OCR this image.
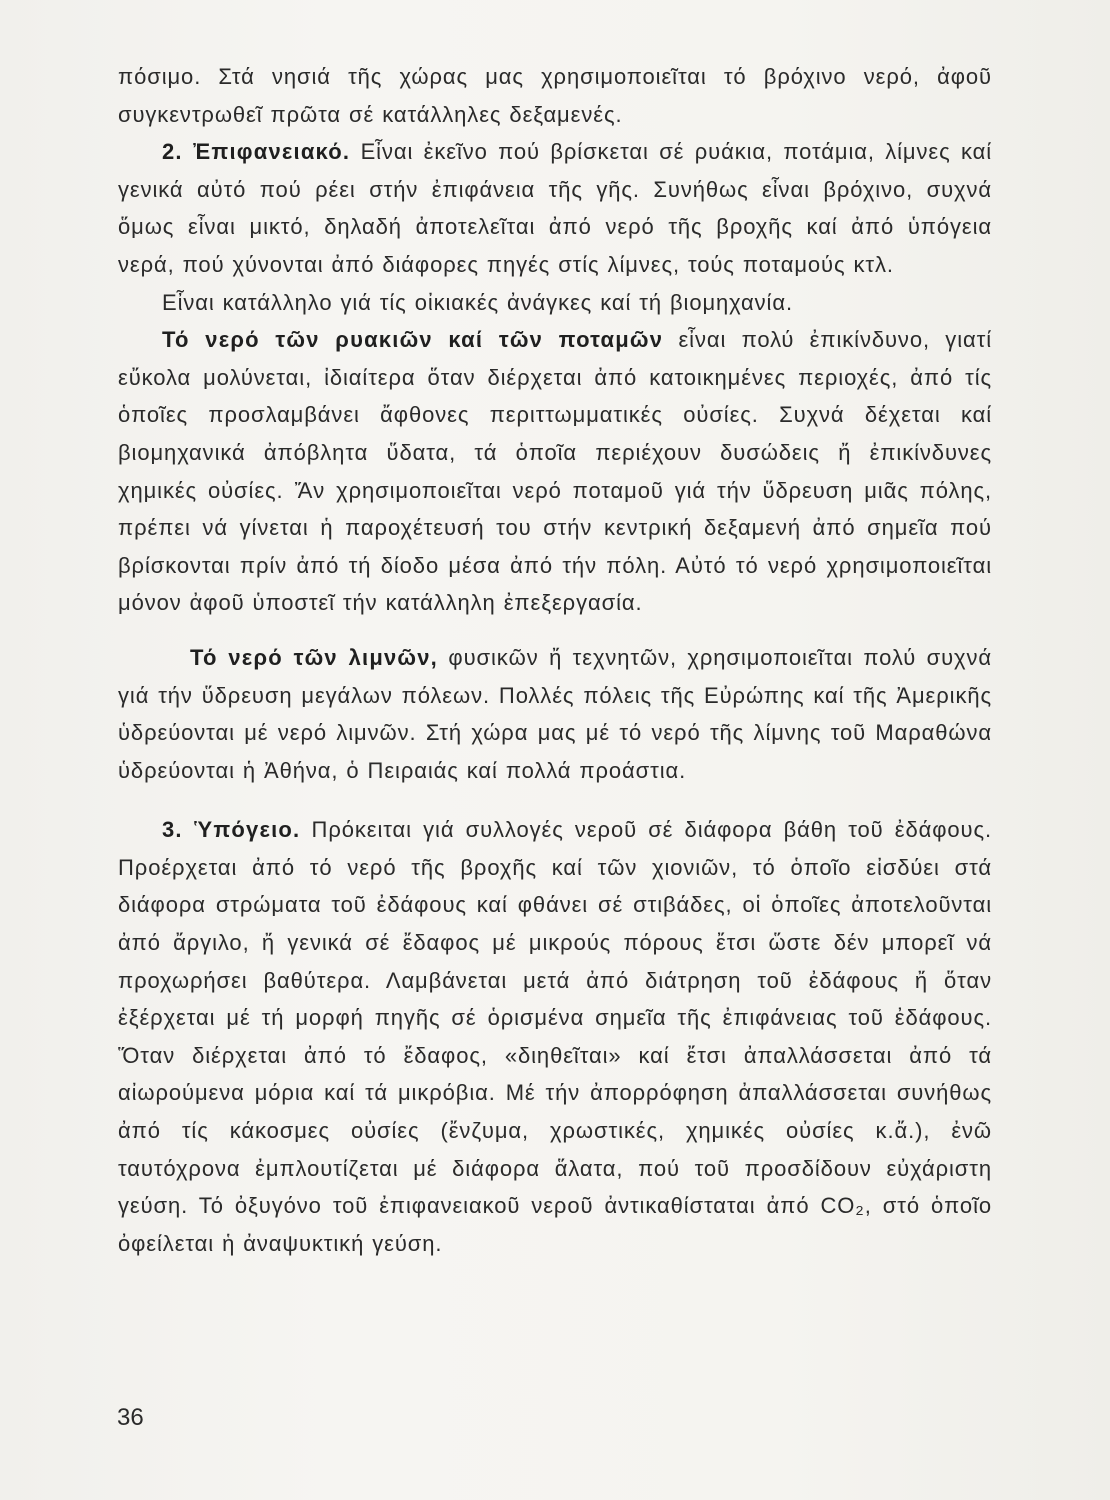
πόσιμο. Στά νησιά τῆς χώρας μας χρησιμοποιεῖται τό βρόχινο νερό, ἀφοῦ συγκεντρωθεῖ πρῶτα σέ κατάλληλες δεξαμενές.

2. Ἐπιφανειακό. Εἶναι ἐκεῖνο πού βρίσκεται σέ ρυάκια, ποτάμια, λίμνες καί γενικά αὐτό πού ρέει στήν ἐπιφάνεια τῆς γῆς. Συνήθως εἶναι βρόχινο, συχνά ὅμως εἶναι μικτό, δηλαδή ἀποτελεῖται ἀπό νερό τῆς βροχῆς καί ἀπό ὑπόγεια νερά, πού χύνονται ἀπό διάφορες πηγές στίς λίμνες, τούς ποταμούς κτλ.

Εἶναι κατάλληλο γιά τίς οἰκιακές ἀνάγκες καί τή βιομηχανία.

Τό νερό τῶν ρυακιῶν καί τῶν ποταμῶν εἶναι πολύ ἐπικίνδυνο, γιατί εὔκολα μολύνεται, ἰδιαίτερα ὅταν διέρχεται ἀπό κατοικημένες περιοχές, ἀπό τίς ὁποῖες προσλαμβάνει ἄφθονες περιττωμματικές οὐσίες. Συχνά δέχεται καί βιομηχανικά ἀπόβλητα ὕδατα, τά ὁποῖα περιέχουν δυσώδεις ἤ ἐπικίνδυνες χημικές οὐσίες. Ἄν χρησιμοποιεῖται νερό ποταμοῦ γιά τήν ὕδρευση μιᾶς πόλης, πρέπει νά γίνεται ἡ παροχέτευσή του στήν κεντρική δεξαμενή ἀπό σημεῖα πού βρίσκονται πρίν ἀπό τή δίοδο μέσα ἀπό τήν πόλη. Αὐτό τό νερό χρησιμοποιεῖται μόνον ἀφοῦ ὑποστεῖ τήν κατάλληλη ἐπεξεργασία.

Τό νερό τῶν λιμνῶν, φυσικῶν ἤ τεχνητῶν, χρησιμοποιεῖται πολύ συχνά γιά τήν ὕδρευση μεγάλων πόλεων. Πολλές πόλεις τῆς Εὐρώπης καί τῆς Ἀμερικῆς ὑδρεύονται μέ νερό λιμνῶν. Στή χώρα μας μέ τό νερό τῆς λίμνης τοῦ Μαραθώνα ὑδρεύονται ἡ Ἀθήνα, ὁ Πειραιάς καί πολλά προάστια.

3. Ὑπόγειο. Πρόκειται γιά συλλογές νεροῦ σέ διάφορα βάθη τοῦ ἐδάφους. Προέρχεται ἀπό τό νερό τῆς βροχῆς καί τῶν χιονιῶν, τό ὁποῖο εἰσδύει στά διάφορα στρώματα τοῦ ἐδάφους καί φθάνει σέ στιβάδες, οἱ ὁποῖες ἀποτελοῦνται ἀπό ἄργιλο, ἤ γενικά σέ ἔδαφος μέ μικρούς πόρους ἔτσι ὥστε δέν μπορεῖ νά προχωρήσει βαθύτερα. Λαμβάνεται μετά ἀπό διάτρηση τοῦ ἐδάφους ἤ ὅταν ἐξέρχεται μέ τή μορφή πηγῆς σέ ὁρισμένα σημεῖα τῆς ἐπιφάνειας τοῦ ἐδάφους. Ὅταν διέρχεται ἀπό τό ἔδαφος, «διηθεῖται» καί ἔτσι ἀπαλλάσσεται ἀπό τά αἰωρούμενα μόρια καί τά μικρόβια. Μέ τήν ἀπορρόφηση ἀπαλλάσσεται συνήθως ἀπό τίς κάκοσμες οὐσίες (ἔνζυμα, χρωστικές, χημικές οὐσίες κ.ἄ.), ἐνῶ ταυτόχρονα ἐμπλουτίζεται μέ διάφορα ἅλατα, πού τοῦ προσδίδουν εὐχάριστη γεύση. Τό ὀξυγόνο τοῦ ἐπιφανειακοῦ νεροῦ ἀντικαθίσταται ἀπό CO₂, στό ὁποῖο ὀφείλεται ἡ ἀναψυκτική γεύση.

36
